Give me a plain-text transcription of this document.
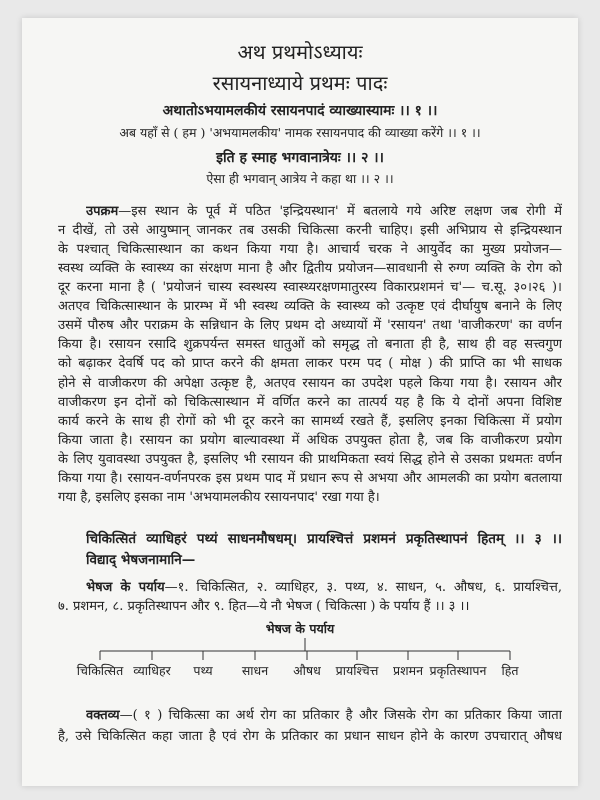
अथ प्रथमोऽध्यायः
रसायनाध्याये प्रथमः पादः
अथातोऽभयामलकीयं रसायनपादं व्याख्यास्यामः ।। १ ।।
अब यहाँ से ( हम ) 'अभयामलकीय' नामक रसायनपाद की व्याख्या करेंगे ।। १ ।।
इति ह स्माह भगवानात्रेयः ।। २ ।।
ऐसा ही भगवान् आत्रेय ने कहा था ।। २ ।।
उपक्रम—इस स्थान के पूर्व में पठित 'इन्द्रियस्थान' में बतलाये गये अरिष्ट लक्षण जब रोगी में
न दीखें, तो उसे आयुष्मान् जानकर तब उसकी चिकित्सा करनी चाहिए। इसी अभिप्राय से इन्द्रियस्थान
के पश्चात् चिकित्सास्थान का कथन किया गया है। आचार्य चरक ने आयुर्वेद का मुख्य प्रयोजन—
स्वस्थ व्यक्ति के स्वास्थ्य का संरक्षण माना है और द्वितीय प्रयोजन—सावधानी से रुग्ण व्यक्ति के रोग को
दूर करना माना है ( 'प्रयोजनं चास्य स्वस्थस्य स्वास्थ्यरक्षणमातुरस्य विकारप्रशमनं च'— च.सू. ३०।२६ )।
अतएव चिकित्सास्थान के प्रारम्भ में भी स्वस्थ व्यक्ति के स्वास्थ्य को उत्कृष्ट एवं दीर्घायुष बनाने के लिए
उसमें पौरुष और पराक्रम के सन्निधान के लिए प्रथम दो अध्यायों में 'रसायन' तथा 'वाजीकरण' का वर्णन
किया है। रसायन रसादि शुक्रपर्यन्त समस्त धातुओं को समृद्ध तो बनाता ही है, साथ ही वह सत्त्वगुण
को बढ़ाकर देवर्षि पद को प्राप्त करने की क्षमता लाकर परम पद ( मोक्ष ) की प्राप्ति का भी साधक
होने से वाजीकरण की अपेक्षा उत्कृष्ट है, अतएव रसायन का उपदेश पहले किया गया है। रसायन और
वाजीकरण इन दोनों को चिकित्सास्थान में वर्णित करने का तात्पर्य यह है कि ये दोनों अपना विशिष्ट
कार्य करने के साथ ही रोगों को भी दूर करने का सामर्थ्य रखते हैं, इसलिए इनका चिकित्सा में प्रयोग
किया जाता है। रसायन का प्रयोग बाल्यावस्था में अधिक उपयुक्त होता है, जब कि वाजीकरण प्रयोग
के लिए युवावस्था उपयुक्त है, इसलिए भी रसायन की प्राथमिकता स्वयं सिद्ध होने से उसका प्रथमतः वर्णन
किया गया है। रसायन-वर्णनपरक इस प्रथम पाद में प्रधान रूप से अभया और आमलकी का प्रयोग बतलाया
गया है, इसलिए इसका नाम 'अभयामलकीय रसायनपाद' रखा गया है।
चिकित्सितं व्याधिहरं पथ्यं साधनमौषधम्। प्रायश्चित्तं प्रशमनं प्रकृतिस्थापनं हितम् ।। ३ ।।
विद्याद् भेषजनामानि—
भेषज के पर्याय—१. चिकित्सित, २. व्याधिहर, ३. पथ्य, ४. साधन, ५. औषध, ६. प्रायश्चित्त,
७. प्रशमन, ८. प्रकृतिस्थापन और ९. हित—ये नौ भेषज ( चिकित्सा ) के पर्याय हैं ।। ३ ।।
भेषज के पर्याय
चिकित्सित व्याधिहर पथ्य साधन औषध प्रायश्चित्त प्रशमन प्रकृतिस्थापन हित
वक्तव्य—( १ ) चिकित्सा का अर्थ रोग का प्रतिकार है और जिसके रोग का प्रतिकार किया जाता
है, उसे चिकित्सित कहा जाता है एवं रोग के प्रतिकार का प्रधान साधन होने के कारण उपचारात् औषध
